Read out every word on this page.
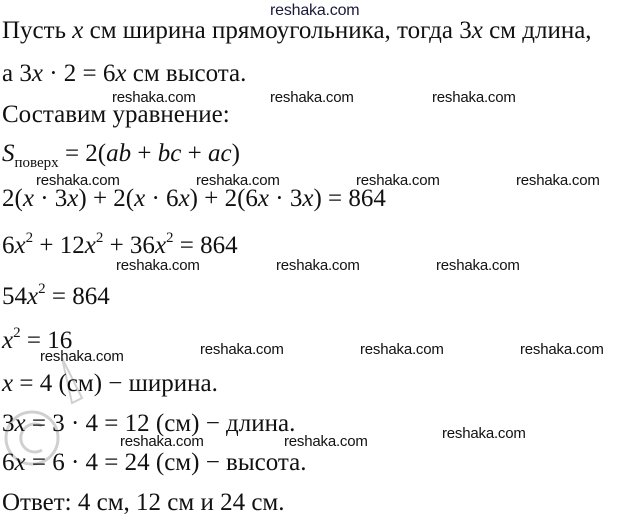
reshaka.com
Пусть x см ширина прямоугольника, тогда 3x см длина,
а 3x · 2 = 6x см высота.
reshaka.com	reshaka.com	reshaka.com
Составим уравнение:
$S_{поверх} = 2(ab$ + bc + ac)
reshaka.com	reshaka.com	reshaka.com	reshaka.com
2(x · 3x) + 2(x · 6x) + 2(6x · 3x) = 864
$6x^2 + 12x^2 + 36x^2 = 864$
reshaka.com	reshaka.com	reshaka.com
$54x^2 = 864$
$x^2 = 16$
reshaka.com	reshaka.com	reshaka.com	reshaka.com
x = 4 (см) − ширина.
3x = 3 · 4 = 12 (см) − длина.
reshaka.com	reshaka.com	reshaka.com
6x = 6 · 4 = 24 (см) − высота.
Ответ: 4 см, 12 см и 24 см.
